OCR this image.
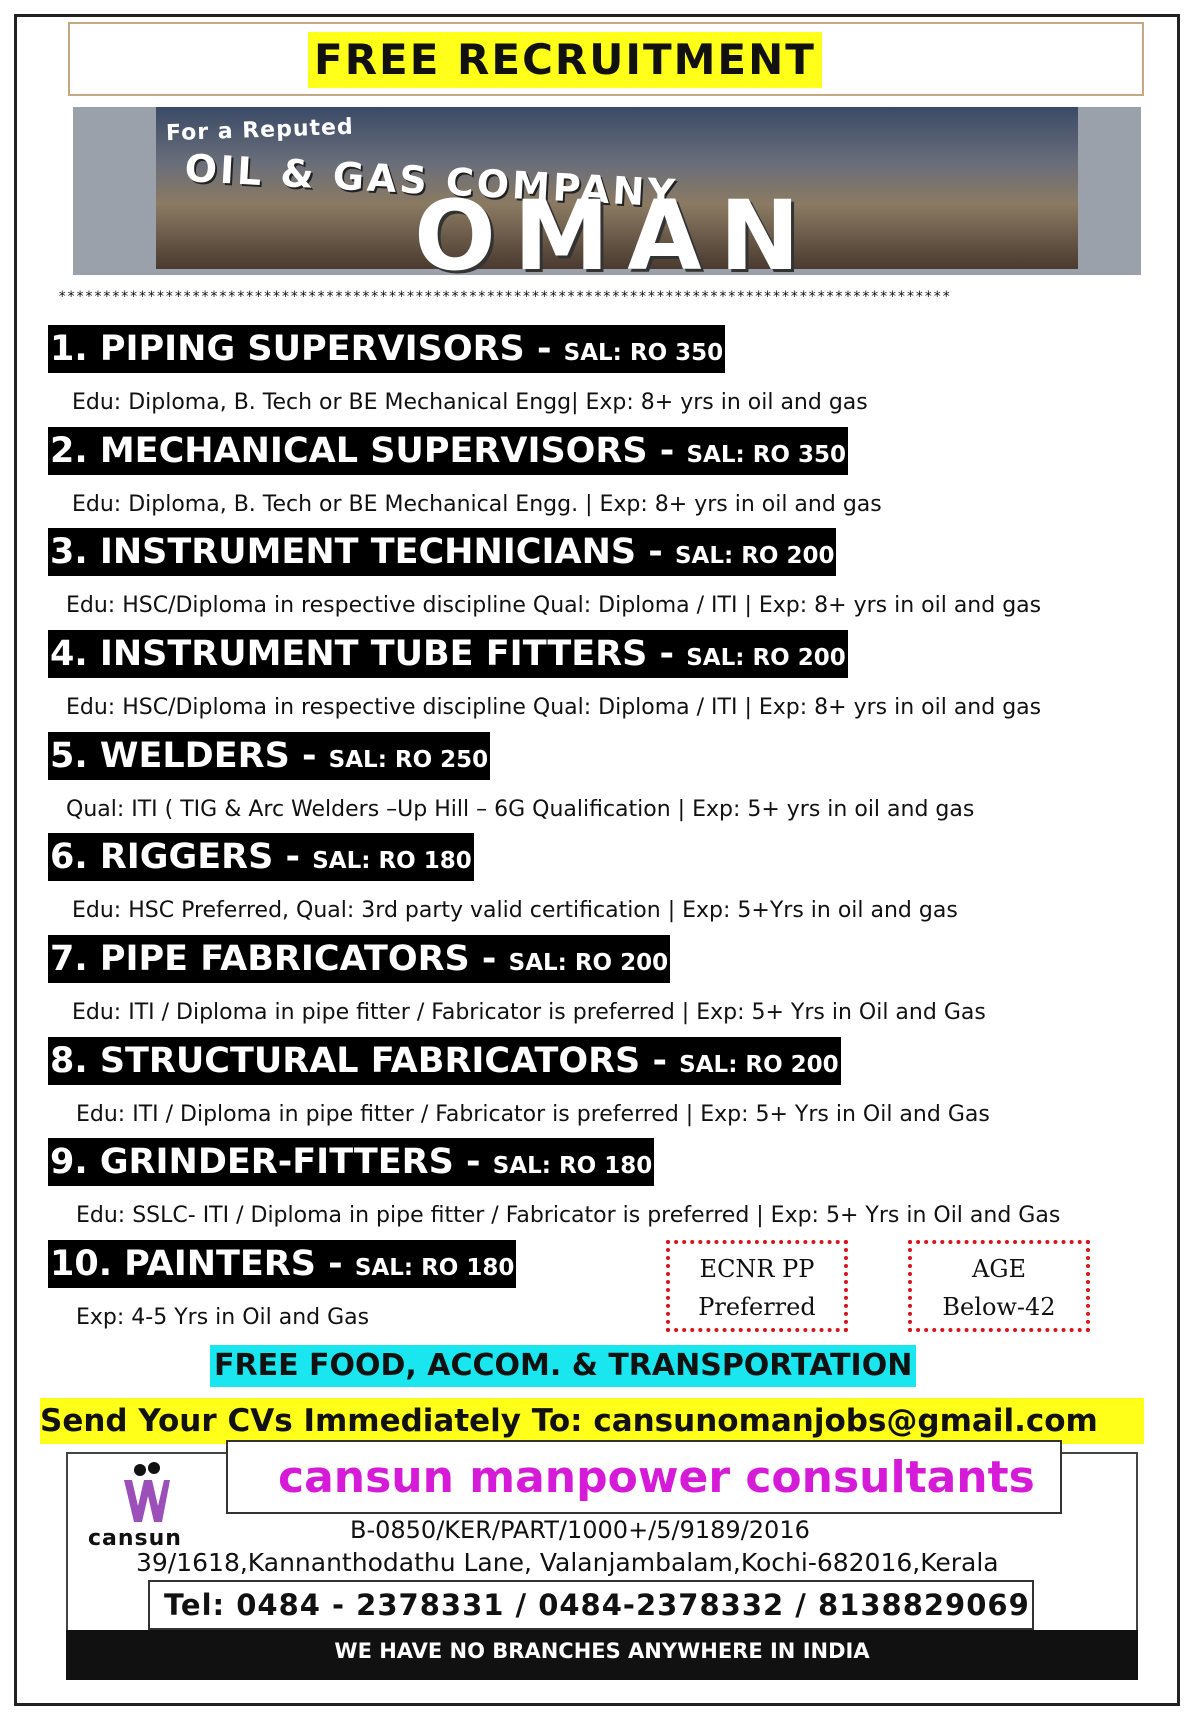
FREE RECRUITMENT
For a Reputed
OIL & GAS COMPANY
OMAN
****************************************************************************************************
1. PIPING SUPERVISORS - SAL: RO 350
Edu: Diploma, B. Tech or BE Mechanical Engg| Exp: 8+ yrs in oil and gas
2. MECHANICAL SUPERVISORS - SAL: RO 350
Edu: Diploma, B. Tech or BE Mechanical Engg. | Exp: 8+ yrs in oil and gas
3. INSTRUMENT TECHNICIANS - SAL: RO 200
Edu: HSC/Diploma in respective discipline Qual: Diploma / ITI | Exp: 8+ yrs in oil and gas
4. INSTRUMENT TUBE FITTERS - SAL: RO 200
Edu: HSC/Diploma in respective discipline Qual: Diploma / ITI | Exp: 8+ yrs in oil and gas
5. WELDERS - SAL: RO 250
Qual: ITI ( TIG & Arc Welders –Up Hill – 6G Qualification | Exp: 5+ yrs in oil and gas
6. RIGGERS - SAL: RO 180
Edu: HSC Preferred, Qual: 3rd party valid certification | Exp: 5+Yrs in oil and gas
7. PIPE FABRICATORS - SAL: RO 200
Edu: ITI / Diploma in pipe fitter / Fabricator is preferred | Exp: 5+ Yrs in Oil and Gas
8. STRUCTURAL FABRICATORS - SAL: RO 200
Edu: ITI / Diploma in pipe fitter / Fabricator is preferred | Exp: 5+ Yrs in Oil and Gas
9. GRINDER-FITTERS - SAL: RO 180
Edu: SSLC- ITI / Diploma in pipe fitter / Fabricator is preferred | Exp: 5+ Yrs in Oil and Gas
10. PAINTERS - SAL: RO 180
Exp: 4-5 Yrs in Oil and Gas
ECNR PP
Preferred
AGE
Below-42
FREE FOOD, ACCOM. & TRANSPORTATION
Send Your CVs Immediately To: cansunomanjobs@gmail.com
cansun manpower consultants
cansun	B-0850/KER/PART/1000+/5/9189/2016
39/1618,Kannanthodathu Lane, Valanjambalam,Kochi-682016,Kerala
Tel: 0484 - 2378331 / 0484-2378332 / 8138829069
WE HAVE NO BRANCHES ANYWHERE IN INDIA
